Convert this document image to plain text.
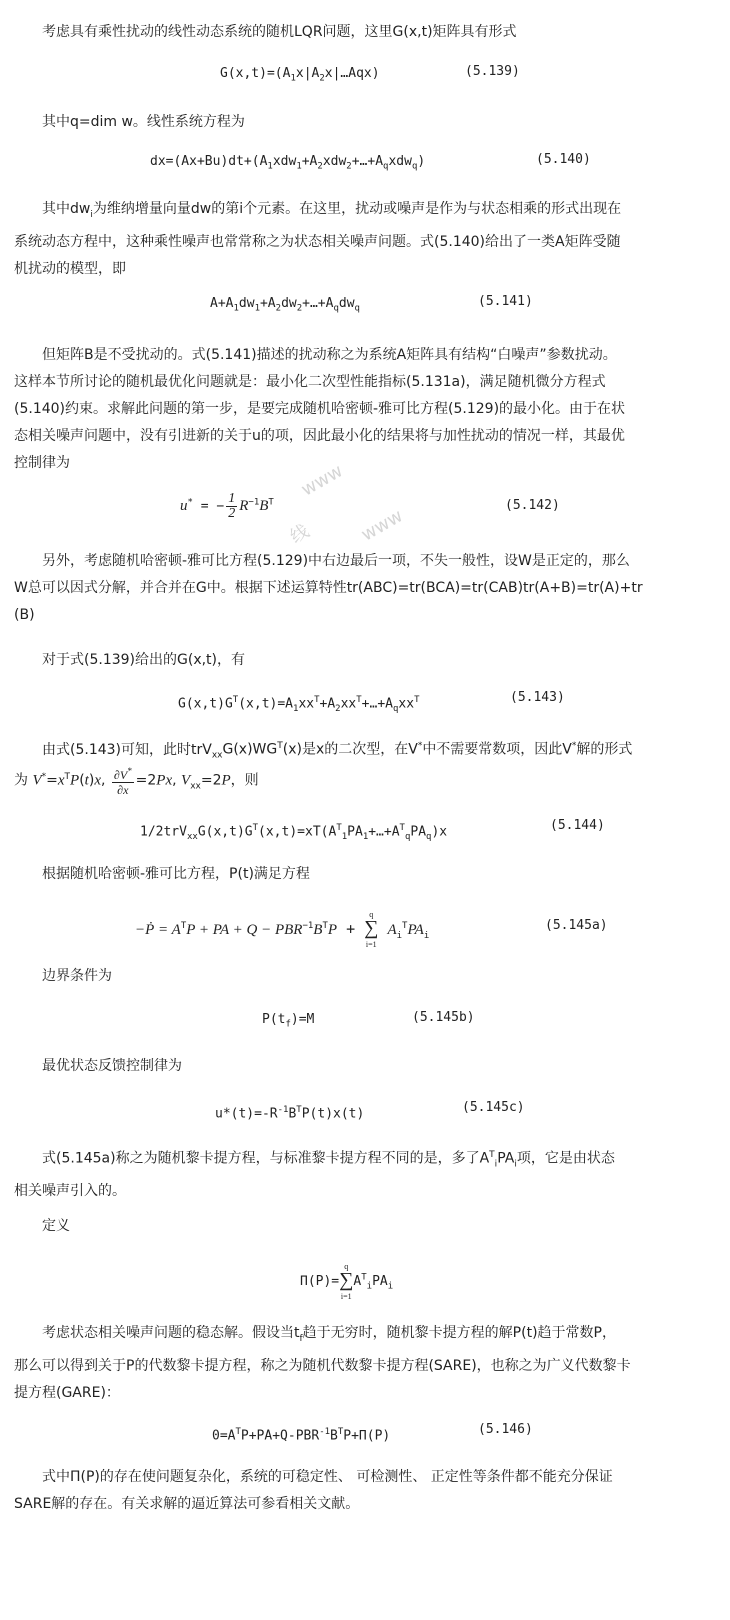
考虑具有乘性扰动的线性动态系统的随机LQR问题，这里G(x,t)矩阵具有形式
$G(x,t)=(A_1x|A_2x|\dots Aqx)$	(5.139)
其中q=dim w。线性系统方程为
$dx=(Ax+Bu)dt+(A_1xdw_1+A_2xdw_2+\dots+A_qxdw_q)$	(5.140)
其中$dw_i$为维纳增量向量dw的第i个元素。在这里，扰动或噪声是作为与状态相乘的形式出现在
系统动态方程中，这种乘性噪声也常常称之为状态相关噪声问题。式(5.140)给出了一类A矩阵受随
机扰动的模型，即
$A+A_1dw_1+A_2dw_2+\dots+A_qdw_q$	(5.141)
但矩阵B是不受扰动的。式(5.141)描述的扰动称之为系统A矩阵具有结构“白噪声”参数扰动。
这样本节所讨论的随机最优化问题就是：最小化二次型性能指标(5.131a)，满足随机微分方程式
(5.140)约束。求解此问题的第一步，是要完成随机哈密顿-雅可比方程(5.129)的最小化。由于在状
态相关噪声问题中，没有引进新的关于u的项，因此最小化的结果将与加性扰动的情况一样，其最优
控制律为
u* = − $\frac{1}{2} R^{-1}B^T$	(5.142)
另外，考虑随机哈密顿-雅可比方程(5.129)中右边最后一项，不失一般性，设W是正定的，那么
W总可以因式分解，并合并在G中。根据下述运算特性tr(ABC)=tr(BCA)=tr(CAB)tr(A+B)=tr(A)+tr
(B)
对于式(5.139)给出的G(x,t)，有
$G(x,t)G^T(x,t)=A_1xx^T+A_2xx^T+\dots+A_qxx^T$	(5.143)
由式(5.143)可知，此时$trV_{xx}G(x)WG^T(x)$是x的二次型，在V*中不需要常数项，因此V*解的形式
为 $V^*=x^TP(t)x$, $\frac{\partial V^*}{\partial x} =2Px$, $V_{xx}=2P$，则
$1/2trV_{xx}G(x,t)G^T(x,t)=xT(A^T_1PA_1+\dots+A^T_qPA_q)x$	(5.144)
根据随机哈密顿-雅可比方程，P(t)满足方程
−Ṗ = $A^TP$ + PA + $Q - PBR^{-1}B^TP$ +
q
∑
i=1
$A_i^TPA_i$
(5.145a)
边界条件为
$P(t_f)=M$	(5.145b)
最优状态反馈控制律为
$u*(t)=-R^{-1}B^TP(t)x(t)$	(5.145c)
式(5.145a)称之为随机黎卡提方程，与标准黎卡提方程不同的是，多了$A^T_iPA_i$项，它是由状态
相关噪声引入的。
定义
Π(P)=
q
∑
i=1
$A^T_iPA_i$
考虑状态相关噪声问题的稳态解。假设当$t_f$趋于无穷时，随机黎卡提方程的解P(t)趋于常数P，
那么可以得到关于P的代数黎卡提方程，称之为随机代数黎卡提方程(SARE)，也称之为广义代数黎卡
提方程(GARE)：
$0=A^TP+PA+Q-PBR^{-1}B^TP+\Pi(P)$	(5.146)
式中Π(P)的存在使问题复杂化，系统的可稳定性、 可检测性、 正定性等条件都不能充分保证
SARE解的存在。有关求解的逼近算法可参看相关文献。
www
线 www
